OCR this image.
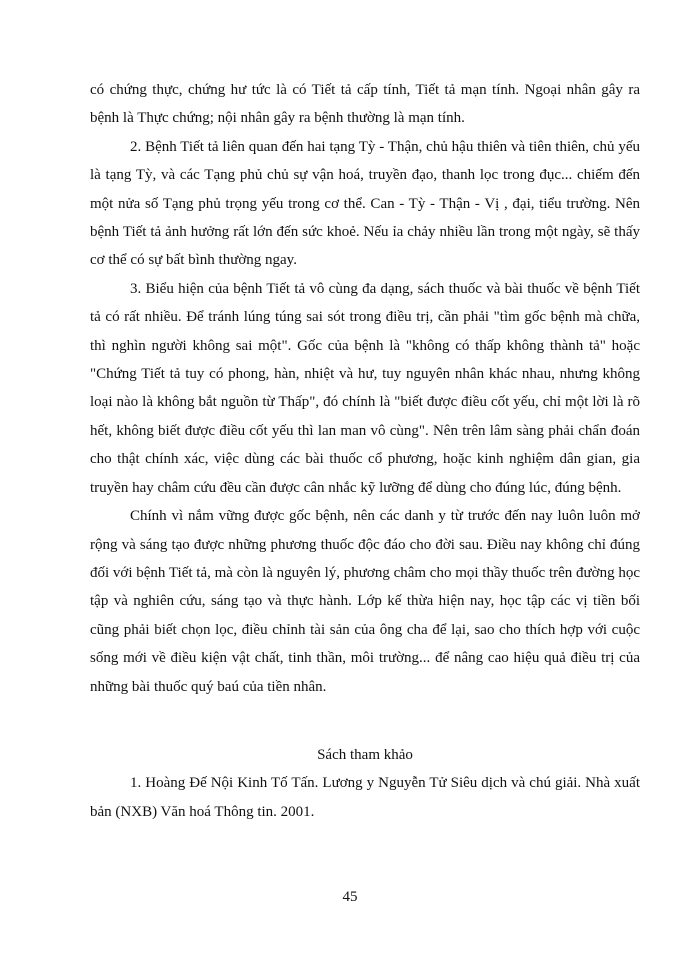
có chứng thực, chứng hư tức là có Tiết tả cấp tính, Tiết tả mạn tính. Ngoại nhân gây ra bệnh là Thực chứng; nội nhân gây ra bệnh thường là mạn tính.

2. Bệnh Tiết tả liên quan đến hai tạng Tỳ - Thận, chủ hậu thiên và tiên thiên, chủ yếu là tạng Tỳ, và các Tạng phủ chủ sự vận hoá, truyền đạo, thanh lọc trong đục... chiếm đến một nửa số Tạng phủ trọng yếu trong cơ thể. Can - Tỳ - Thận - Vị , đại, tiểu trường. Nên bệnh Tiết tả ảnh hưởng rất lớn đến sức khoẻ. Nếu ỉa chảy nhiều lần trong một ngày, sẽ thấy cơ thể có sự bất bình thường ngay.

3. Biểu hiện của bệnh Tiết tả vô cùng đa dạng, sách thuốc và bài thuốc về bệnh Tiết tả có rất nhiều. Để tránh lúng túng sai sót trong điều trị, cần phải "tìm gốc bệnh mà chữa, thì nghìn người không sai một". Gốc của bệnh là "không có thấp không thành tả" hoặc "Chứng Tiết tả tuy có phong, hàn, nhiệt và hư, tuy nguyên nhân khác nhau, nhưng không loại nào là không bắt nguồn từ Thấp", đó chính là "biết được điều cốt yếu, chỉ một lời là rõ hết, không biết được điều cốt yếu thì lan man vô cùng". Nên trên lâm sàng phải chẩn đoán cho thật chính xác, việc dùng các bài thuốc cổ phương, hoặc kinh nghiệm dân gian, gia truyền hay châm cứu đều cần được cân nhắc kỹ lưỡng để dùng cho đúng lúc, đúng bệnh.

Chính vì nắm vững được gốc bệnh, nên các danh y từ trước đến nay luôn luôn mở rộng và sáng tạo được những phương thuốc độc đáo cho đời sau. Điều nay không chỉ đúng đối với bệnh Tiết tả, mà còn là nguyên lý, phương châm cho mọi thầy thuốc trên đường học tập và nghiên cứu, sáng tạo và thực hành. Lớp kế thừa hiện nay, học tập các vị tiền bối cũng phải biết chọn lọc, điều chỉnh tài sản của ông cha để lại, sao cho thích hợp với cuộc sống mới về điều kiện vật chất, tinh thần, môi trường... để nâng cao hiệu quả điều trị của những bài thuốc quý baú của tiền nhân.

Sách tham khảo

1. Hoàng Đế Nội Kinh Tố Tấn. Lương y Nguyễn Tử Siêu dịch và chú giải. Nhà xuất bản (NXB) Văn hoá Thông tin. 2001.

45
